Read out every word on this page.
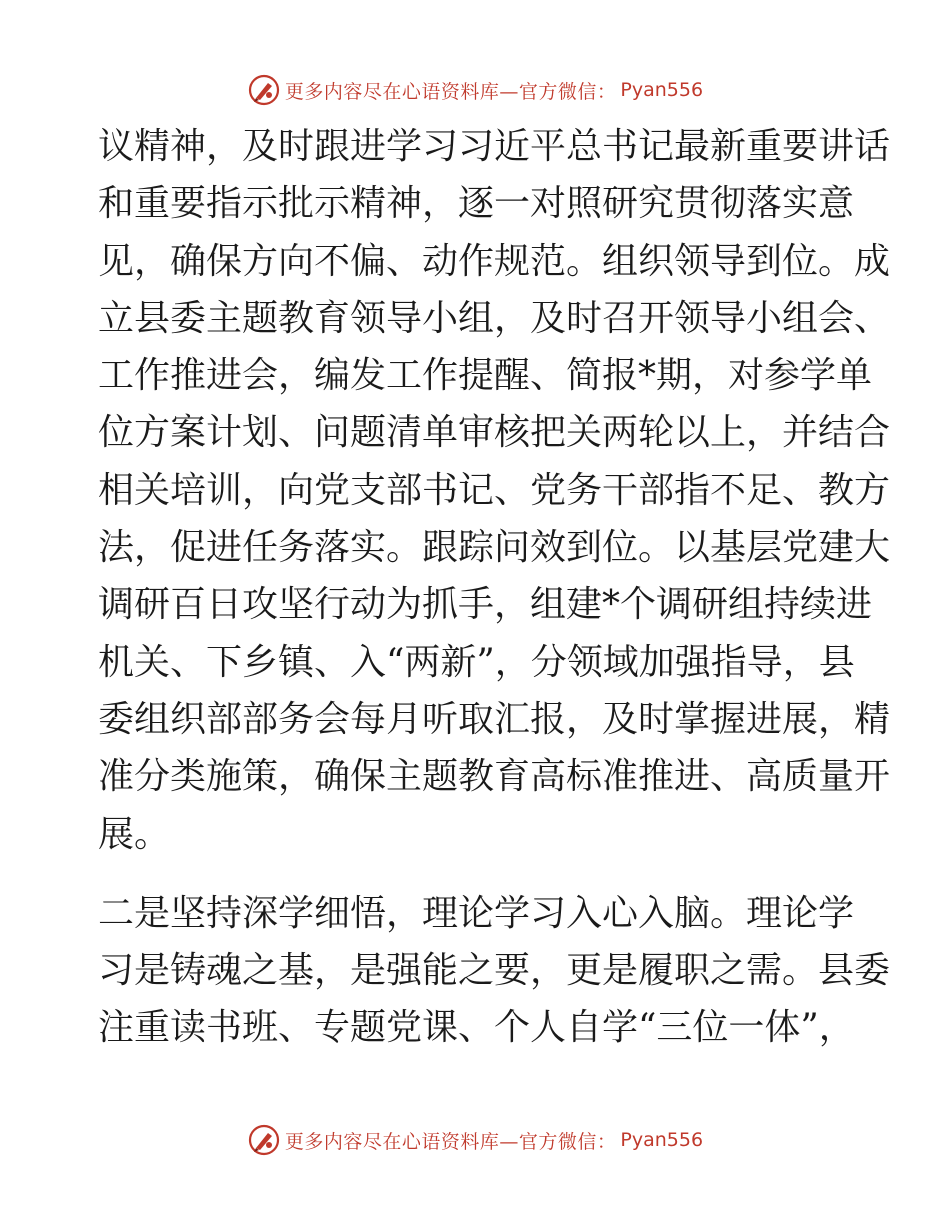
更多内容尽在心语资料库—官方微信： Pyan556
议精神，及时跟进学习习近平总书记最新重要讲话
和重要指示批示精神，逐一对照研究贯彻落实意
见，确保方向不偏、动作规范。组织领导到位。成
立县委主题教育领导小组，及时召开领导小组会、
工作推进会，编发工作提醒、简报*期，对参学单
位方案计划、问题清单审核把关两轮以上，并结合
相关培训，向党支部书记、党务干部指不足、教方
法，促进任务落实。跟踪问效到位。以基层党建大
调研百日攻坚行动为抓手，组建*个调研组持续进
机关、下乡镇、入“两新”，分领域加强指导，县
委组织部部务会每月听取汇报，及时掌握进展，精
准分类施策，确保主题教育高标准推进、高质量开
展。
二是坚持深学细悟，理论学习入心入脑。理论学
习是铸魂之基，是强能之要，更是履职之需。县委
注重读书班、专题党课、个人自学“三位一体”，
更多内容尽在心语资料库—官方微信： Pyan556
